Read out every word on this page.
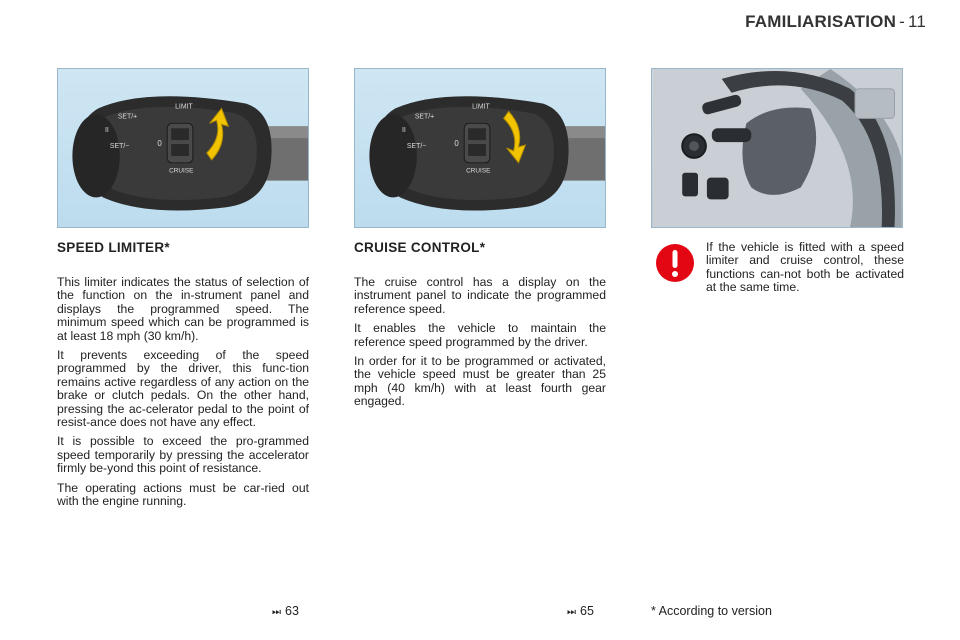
FAMILIARISATION - 11
SET/+
SET/−
LIMIT
CRUISE
0
II
SET/+
SET/−
LIMIT
CRUISE
0
II
SPEED LIMITER*

This limiter indicates the status of selection of the function on the in-strument panel and displays the programmed speed. The minimum speed which can be programmed is at least 18 mph (30 km/h).

It prevents exceeding of the speed programmed by the driver, this func-tion remains active regardless of any action on the brake or clutch pedals. On the other hand, pressing the ac-celerator pedal to the point of resist-ance does not have any effect.

It is possible to exceed the pro-grammed speed temporarily by pressing the accelerator firmly be-yond this point of resistance.

The operating actions must be car-ried out with the engine running.

CRUISE CONTROL*

The cruise control has a display on the instrument panel to indicate the programmed reference speed.

It enables the vehicle to maintain the reference speed programmed by the driver.

In order for it to be programmed or activated, the vehicle speed must be greater than 25 mph (40 km/h) with at least fourth gear engaged.

If the vehicle is fitted with a speed limiter and cruise control, these functions can-not both be activated at the same time.

⏭ 63	⏭ 65	* According to version
